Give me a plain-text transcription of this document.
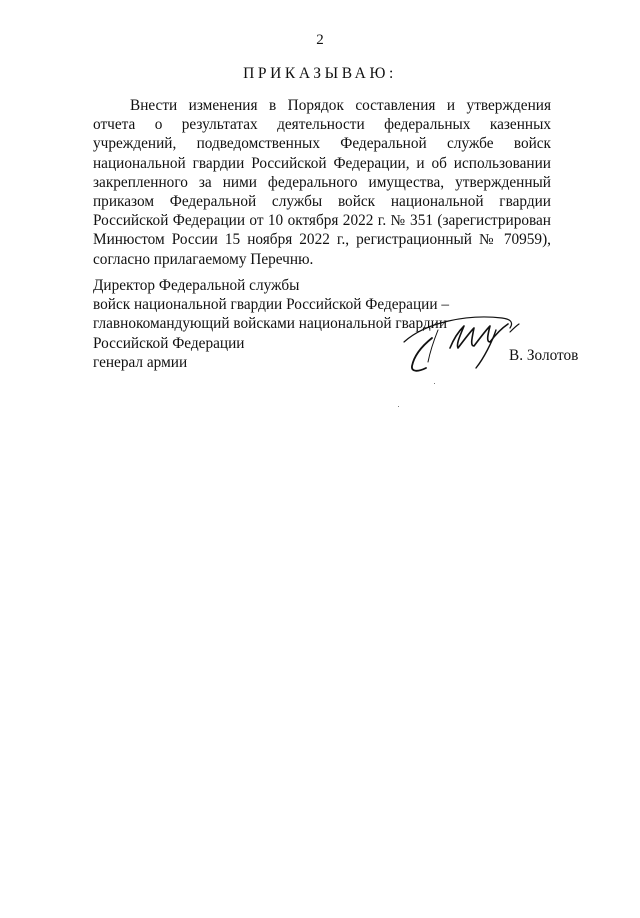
2
ПРИКАЗЫВАЮ:

Внести изменения в Порядок составления и утверждения отчета о результатах деятельности федеральных казенных учреждений, подведомственных Федеральной службе войск национальной гвардии Российской Федерации, и об использовании закрепленного за ними федерального имущества, утвержденный приказом Федеральной службы войск национальной гвардии Российской Федерации от 10 октября 2022 г. № 351 (зарегистрирован Минюстом России 15 ноября 2022 г., регистрационный № 70959), согласно прилагаемому Перечню.

Директор Федеральной службы
войск национальной гвардии Российской Федерации –
главнокомандующий войсками национальной гвардии
Российской Федерации
генерал армии	В. Золотов
